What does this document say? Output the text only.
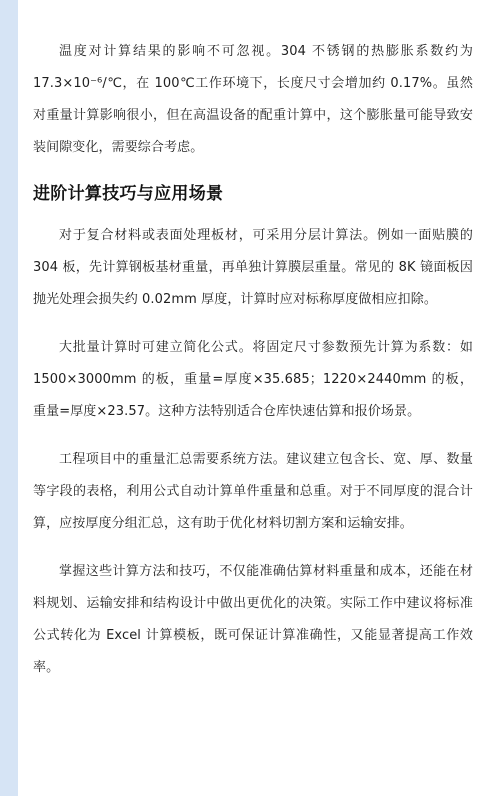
温度对计算结果的影响不可忽视。304 不锈钢的热膨胀系数约为 17.3×10⁻⁶/℃，在 100℃工作环境下，长度尺寸会增加约 0.17%。虽然对重量计算影响很小，但在高温设备的配重计算中，这个膨胀量可能导致安装间隙变化，需要综合考虑。

进阶计算技巧与应用场景

对于复合材料或表面处理板材，可采用分层计算法。例如一面贴膜的 304 板，先计算钢板基材重量，再单独计算膜层重量。常见的 8K 镜面板因抛光处理会损失约 0.02mm 厚度，计算时应对标称厚度做相应扣除。

大批量计算时可建立简化公式。将固定尺寸参数预先计算为系数：如 1500×3000mm 的板，重量=厚度×35.685；1220×2440mm 的板，重量=厚度×23.57。这种方法特别适合仓库快速估算和报价场景。

工程项目中的重量汇总需要系统方法。建议建立包含长、宽、厚、数量等字段的表格，利用公式自动计算单件重量和总重。对于不同厚度的混合计算，应按厚度分组汇总，这有助于优化材料切割方案和运输安排。

掌握这些计算方法和技巧，不仅能准确估算材料重量和成本，还能在材料规划、运输安排和结构设计中做出更优化的决策。实际工作中建议将标准公式转化为 Excel 计算模板，既可保证计算准确性，又能显著提高工作效率。
